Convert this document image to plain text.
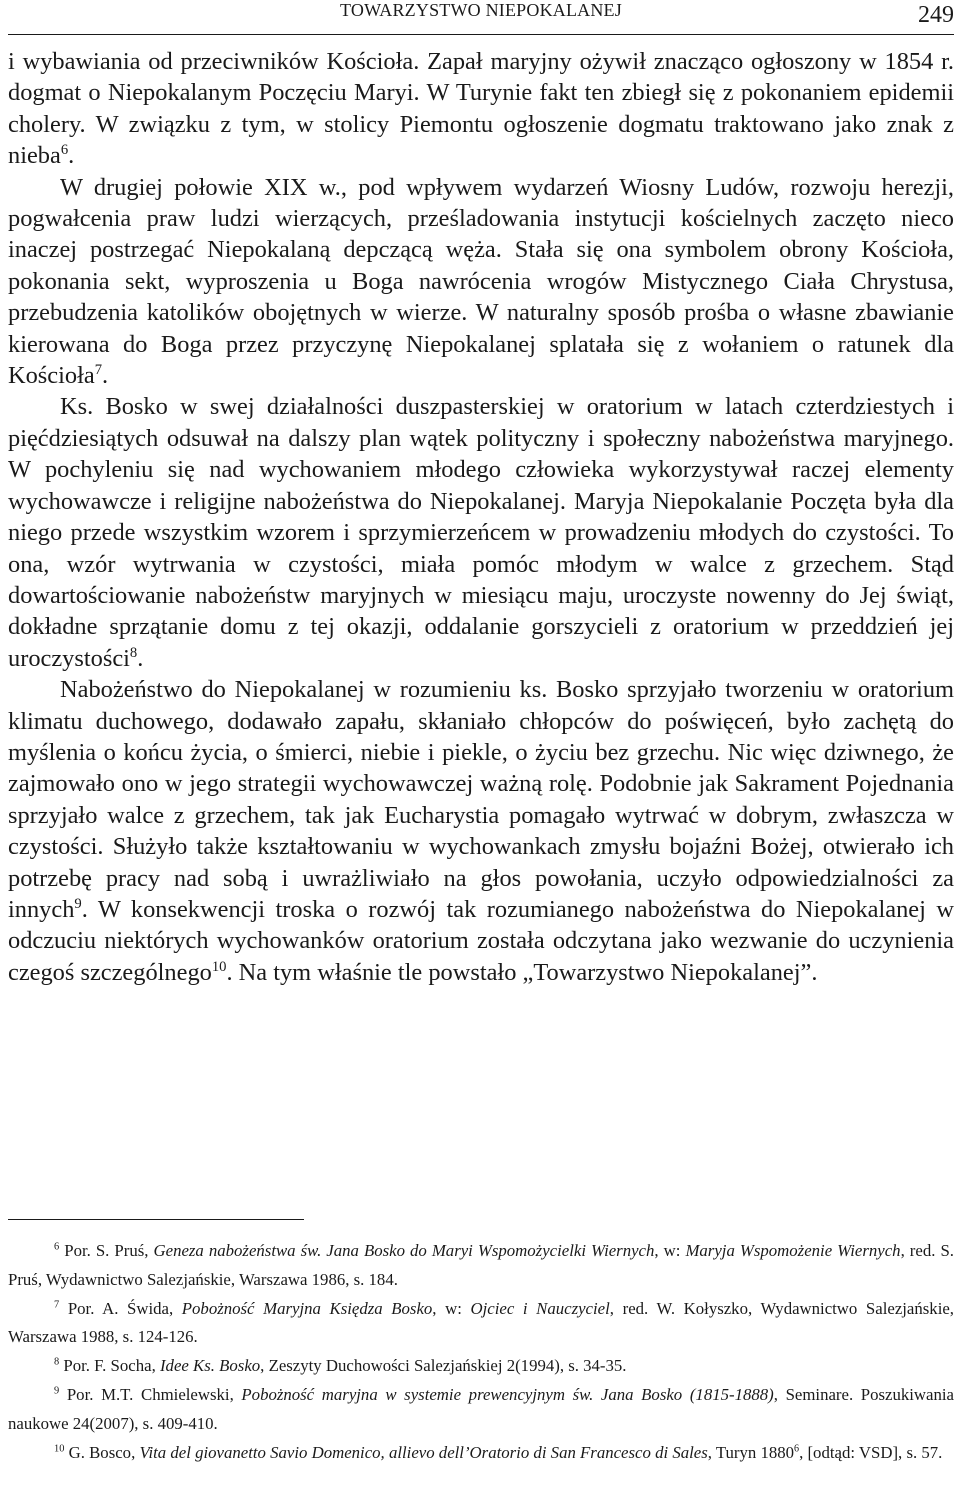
TOWARZYSTWO NIEPOKALANEJ	249

i wybawiania od przeciwników Kościoła. Zapał maryjny ożywił znacząco ogłoszony w 1854 r. dogmat o Niepokalanym Poczęciu Maryi. W Turynie fakt ten zbiegł się z pokonaniem epidemii cholery. W związku z tym, w stolicy Piemontu ogłoszenie dogmatu traktowano jako znak z nieba$^6$.

W drugiej połowie XIX w., pod wpływem wydarzeń Wiosny Ludów, rozwoju herezji, pogwałcenia praw ludzi wierzących, prześladowania instytucji kościelnych zaczęto nieco inaczej postrzegać Niepokalaną depczącą węża. Stała się ona symbolem obrony Kościoła, pokonania sekt, wyproszenia u Boga nawrócenia wrogów Mistycznego Ciała Chrystusa, przebudzenia katolików obojętnych w wierze. W naturalny sposób prośba o własne zbawianie kierowana do Boga przez przyczynę Niepokalanej splatała się z wołaniem o ratunek dla Kościoła$^7$.

Ks. Bosko w swej działalności duszpasterskiej w oratorium w latach czterdziestych i pięćdziesiątych odsuwał na dalszy plan wątek polityczny i społeczny nabożeństwa maryjnego. W pochyleniu się nad wychowaniem młodego człowieka wykorzystywał raczej elementy wychowawcze i religijne nabożeństwa do Niepokalanej. Maryja Niepokalanie Poczęta była dla niego przede wszystkim wzorem i sprzymierzeńcem w prowadzeniu młodych do czystości. To ona, wzór wytrwania w czystości, miała pomóc młodym w walce z grzechem. Stąd dowartościowanie nabożeństw maryjnych w miesiącu maju, uroczyste nowenny do Jej świąt, dokładne sprzątanie domu z tej okazji, oddalanie gorszycieli z oratorium w przeddzień jej uroczystości$^8$.

Nabożeństwo do Niepokalanej w rozumieniu ks. Bosko sprzyjało tworzeniu w oratorium klimatu duchowego, dodawało zapału, skłaniało chłopców do poświęceń, było zachętą do myślenia o końcu życia, o śmierci, niebie i piekle, o życiu bez grzechu. Nic więc dziwnego, że zajmowało ono w jego strategii wychowawczej ważną rolę. Podobnie jak Sakrament Pojednania sprzyjało walce z grzechem, tak jak Eucharystia pomagało wytrwać w dobrym, zwłaszcza w czystości. Służyło także kształtowaniu w wychowankach zmysłu bojaźni Bożej, otwierało ich potrzebę pracy nad sobą i uwrażliwiało na głos powołania, uczyło odpowiedzialności za innych$^9$. W konsekwencji troska o rozwój tak rozumianego nabożeństwa do Niepokalanej w odczuciu niektórych wychowanków oratorium została odczytana jako wezwanie do uczynienia czegoś szczególnego$^{10}$. Na tym właśnie tle powstało „Towarzystwo Niepokalanej”.

$^6$ Por. S. Pruś, Geneza nabożeństwa św. Jana Bosko do Maryi Wspomożycielki Wiernych, w: Maryja Wspomożenie Wiernych, red. S. Pruś, Wydawnictwo Salezjańskie, Warszawa 1986, s. 184.

$^7$ Por. A. Świda, Pobożność Maryjna Księdza Bosko, w: Ojciec i Nauczyciel, red. W. Kołyszko, Wydawnictwo Salezjańskie, Warszawa 1988, s. 124-126.

$^8$ Por. F. Socha, Idee Ks. Bosko, Zeszyty Duchowości Salezjańskiej 2(1994), s. 34-35.

$^9$ Por. M.T. Chmielewski, Pobożność maryjna w systemie prewencyjnym św. Jana Bosko (1815-1888), Seminare. Poszukiwania naukowe 24(2007), s. 409-410.

$^{10}$ G. Bosco, Vita del giovanetto Savio Domenico, allievo dell’Oratorio di San Francesco di Sales, Turyn 1880$^6$, [odtąd: VSD], s. 57.
